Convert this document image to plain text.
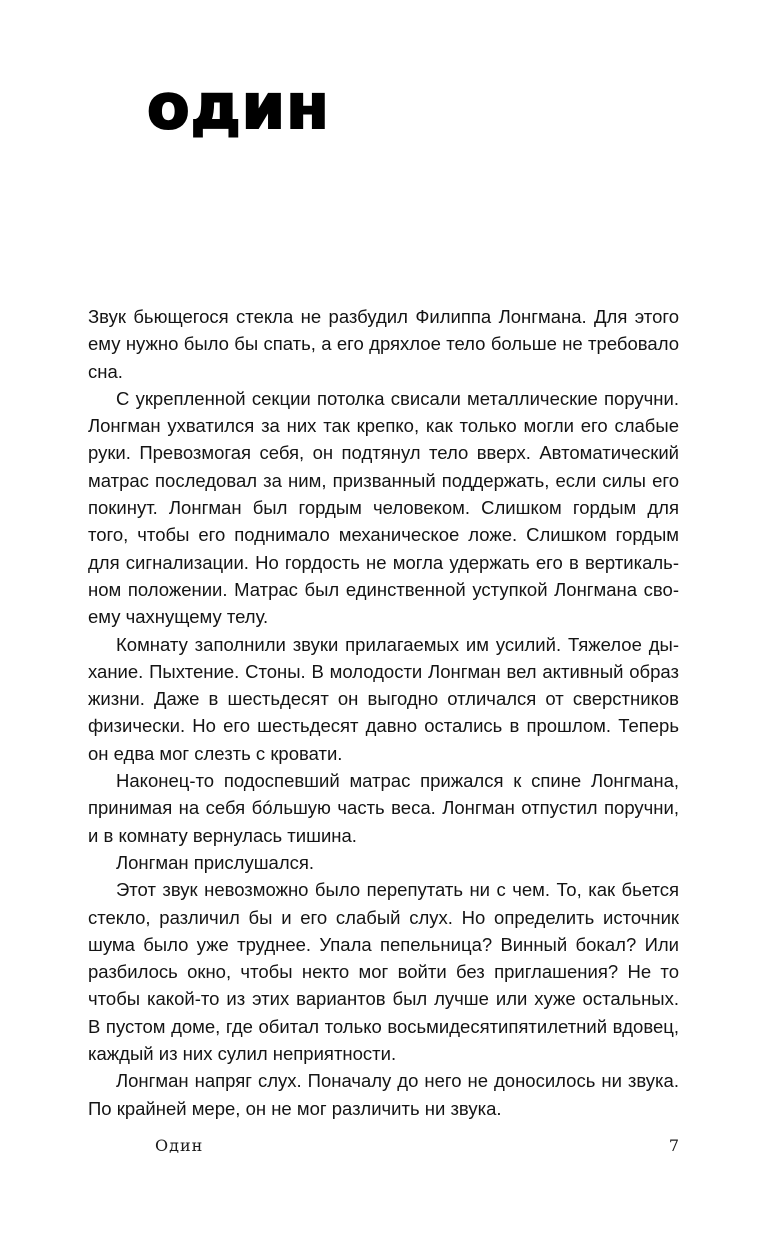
один

Звук бьющегося стекла не разбудил Филиппа Лонгмана. Для этого ему нужно было бы спать, а его дряхлое тело больше не требовало сна.

С укрепленной секции потолка свисали металлические поручни. Лонгман ухватился за них так крепко, как только могли его слабые руки. Превозмогая себя, он подтянул тело вверх. Автоматический матрас последовал за ним, призванный поддержать, если силы его покинут. Лонгман был гордым человеком. Слишком гордым для того, чтобы его поднимало механическое ложе. Слишком гордым для сигнализации. Но гордость не могла удержать его в вертикальном положении. Матрас был единственной уступкой Лонгмана своему чахнущему телу.

Комнату заполнили звуки прилагаемых им усилий. Тяжелое дыхание. Пыхтение. Стоны. В молодости Лонгман вел активный образ жизни. Даже в шестьдесят он выгодно отличался от сверстников физически. Но его шестьдесят давно остались в прошлом. Теперь он едва мог слезть с кровати.

Наконец-то подоспевший матрас прижался к спине Лонгмана, принимая на себя бóльшую часть веса. Лонгман отпустил поручни, и в комнату вернулась тишина.

Лонгман прислушался.

Этот звук невозможно было перепутать ни с чем. То, как бьется стекло, различил бы и его слабый слух. Но определить источник шума было уже труднее. Упала пепельница? Винный бокал? Или разбилось окно, чтобы некто мог войти без приглашения? Не то чтобы какой-то из этих вариантов был лучше или хуже остальных. В пустом доме, где обитал только восьмидесятипятилетний вдовец, каждый из них сулил неприятности.

Лонгман напряг слух. Поначалу до него не доносилось ни звука. По крайней мере, он не мог различить ни звука.

Один	7
